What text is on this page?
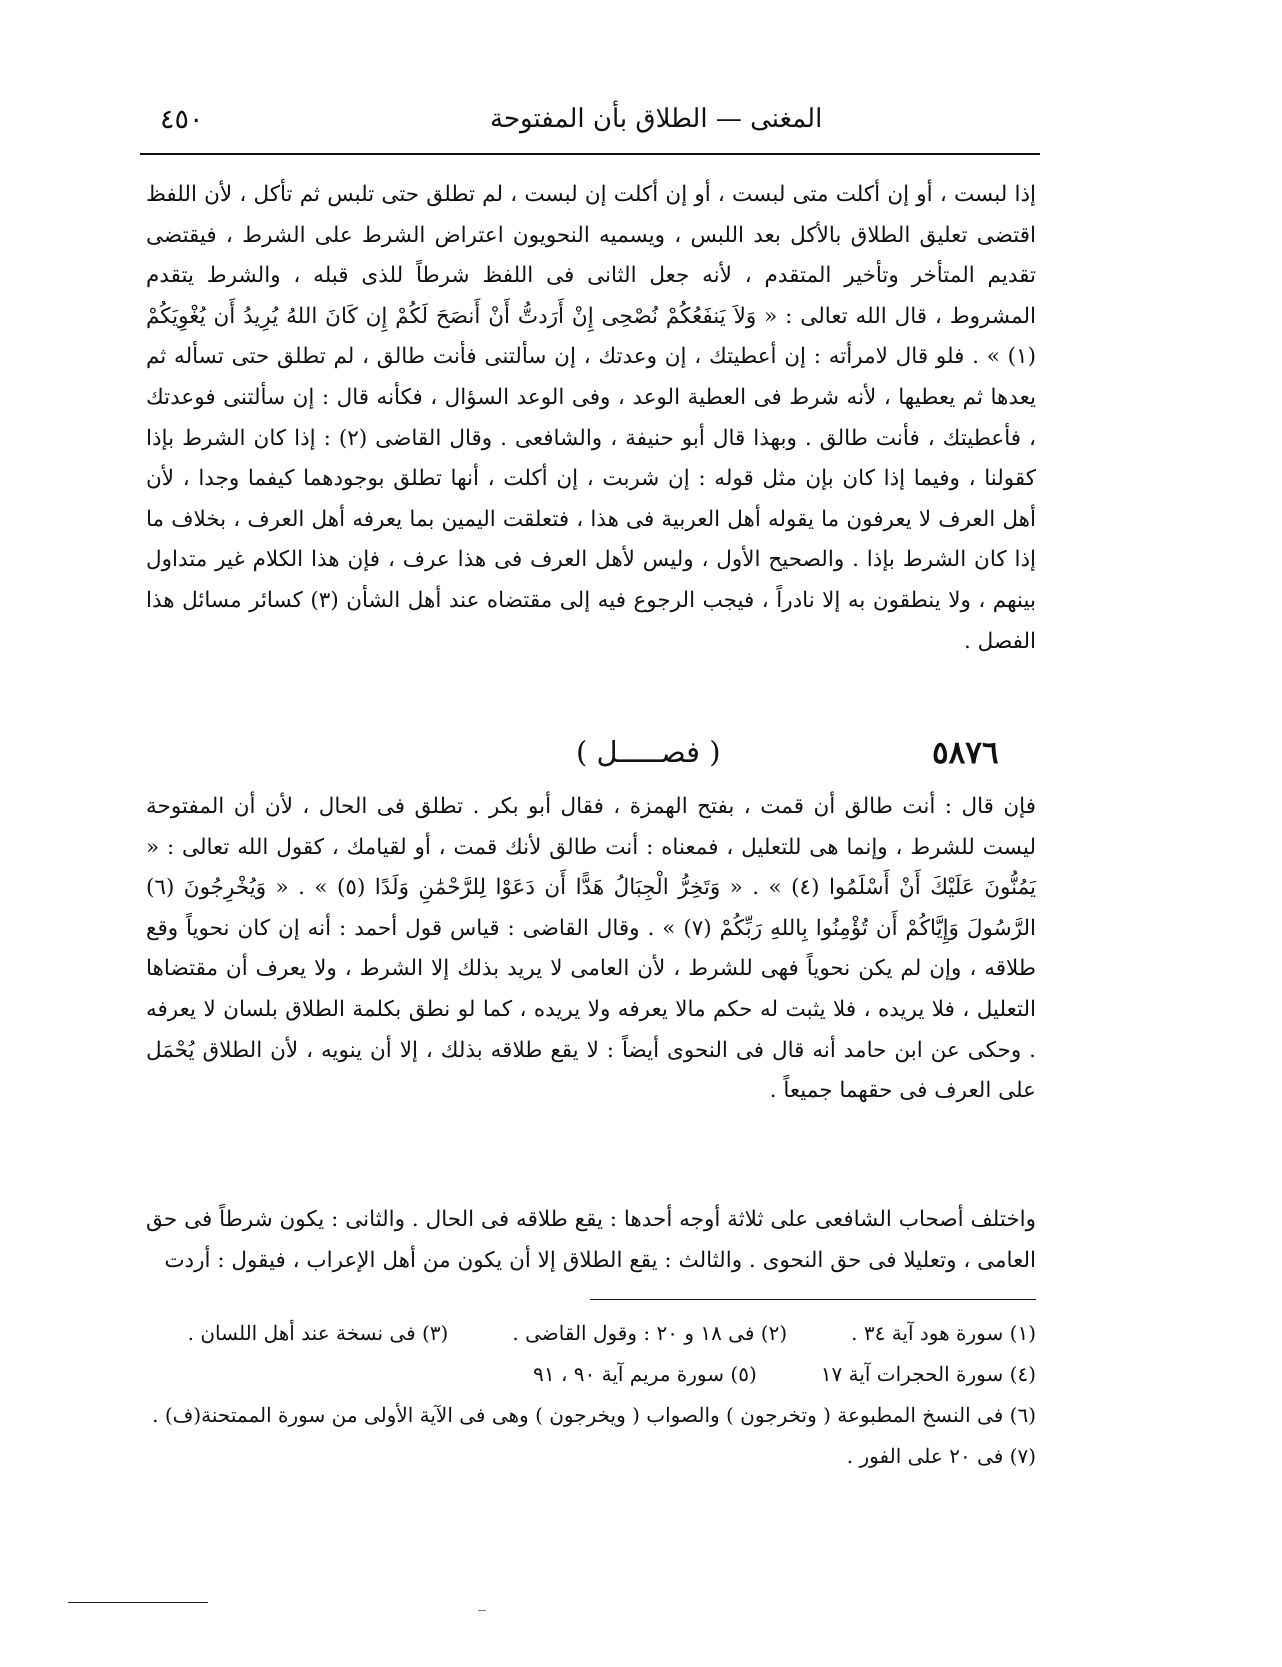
٤٥٠	المغنى — الطلاق بأن المفتوحة

إذا لبست ، أو إن أكلت متى لبست ، أو إن أكلت إن لبست ، لم تطلق حتى تلبس ثم تأكل ، لأن اللفظ اقتضى تعليق الطلاق بالأكل بعد اللبس ، ويسميه النحويون اعتراض الشرط على الشرط ، فيقتضى تقديم المتأخر وتأخير المتقدم ، لأنه جعل الثانى فى اللفظ شرطاً للذى قبله ، والشرط يتقدم المشروط ، قال الله تعالى : « وَلاَ يَنفَعُكُمْ نُصْحِى إِنْ أَرَدتُّ أَنْ أَنصَحَ لَكُمْ إِن كَانَ اللهُ يُرِيدُ أَن يُغْوِيَكُمْ (١) » . فلو قال لامرأته : إن أعطيتك ، إن وعدتك ، إن سألتنى فأنت طالق ، لم تطلق حتى تسأله ثم يعدها ثم يعطيها ، لأنه شرط فى العطية الوعد ، وفى الوعد السؤال ، فكأنه قال : إن سألتنى فوعدتك ، فأعطيتك ، فأنت طالق . وبهذا قال أبو حنيفة ، والشافعى . وقال القاضى (٢) : إذا كان الشرط بإذا كقولنا ، وفيما إذا كان بإن مثل قوله : إن شربت ، إن أكلت ، أنها تطلق بوجودهما كيفما وجدا ، لأن أهل العرف لا يعرفون ما يقوله أهل العربية فى هذا ، فتعلقت اليمين بما يعرفه أهل العرف ، بخلاف ما إذا كان الشرط بإذا . والصحيح الأول ، وليس لأهل العرف فى هذا عرف ، فإن هذا الكلام غير متداول بينهم ، ولا ينطقون به إلا نادراً ، فيجب الرجوع فيه إلى مقتضاه عند أهل الشأن (٣) كسائر مسائل هذا الفصل .

٥٨٧٦
( فصـــــل )

فإن قال : أنت طالق أن قمت ، بفتح الهمزة ، فقال أبو بكر . تطلق فى الحال ، لأن أن المفتوحة ليست للشرط ، وإنما هى للتعليل ، فمعناه : أنت طالق لأنك قمت ، أو لقيامك ، كقول الله تعالى : « يَمُنُّونَ عَلَيْكَ أَنْ أَسْلَمُوا (٤) » . « وَتَخِرُّ الْجِبَالُ هَدًّا أَن دَعَوْا لِلرَّحْمَٰنِ وَلَدًا (٥) » . « وَيُخْرِجُونَ (٦) الرَّسُولَ وَإِيَّاكُمْ أَن تُؤْمِنُوا بِاللهِ رَبِّكُمْ (٧) » . وقال القاضى : قياس قول أحمد : أنه إن كان نحوياً وقع طلاقه ، وإن لم يكن نحوياً فهى للشرط ، لأن العامى لا يريد بذلك إلا الشرط ، ولا يعرف أن مقتضاها التعليل ، فلا يريده ، فلا يثبت له حكم مالا يعرفه ولا يريده ، كما لو نطق بكلمة الطلاق بلسان لا يعرفه . وحكى عن ابن حامد أنه قال فى النحوى أيضاً : لا يقع طلاقه بذلك ، إلا أن ينويه ، لأن الطلاق يُحْمَل على العرف فى حقهما جميعاً .

واختلف أصحاب الشافعى على ثلاثة أوجه أحدها : يقع طلاقه فى الحال . والثانى : يكون شرطاً فى حق العامى ، وتعليلا فى حق النحوى . والثالث : يقع الطلاق إلا أن يكون من أهل الإعراب ، فيقول : أردت

(١) سورة هود آية ٣٤ .
(٢) فى ١٨ و ٢٠ : وقول القاضى .
(٣) فى نسخة عند أهل اللسان .
(٤) سورة الحجرات آية ١٧
(٥) سورة مريم آية ٩٠ ، ٩١
(٦) فى النسخ المطبوعة ( وتخرجون ) والصواب ( ويخرجون ) وهى فى الآية الأولى من سورة الممتحنة(ف) .
(٧) فى ٢٠ على الفور .
